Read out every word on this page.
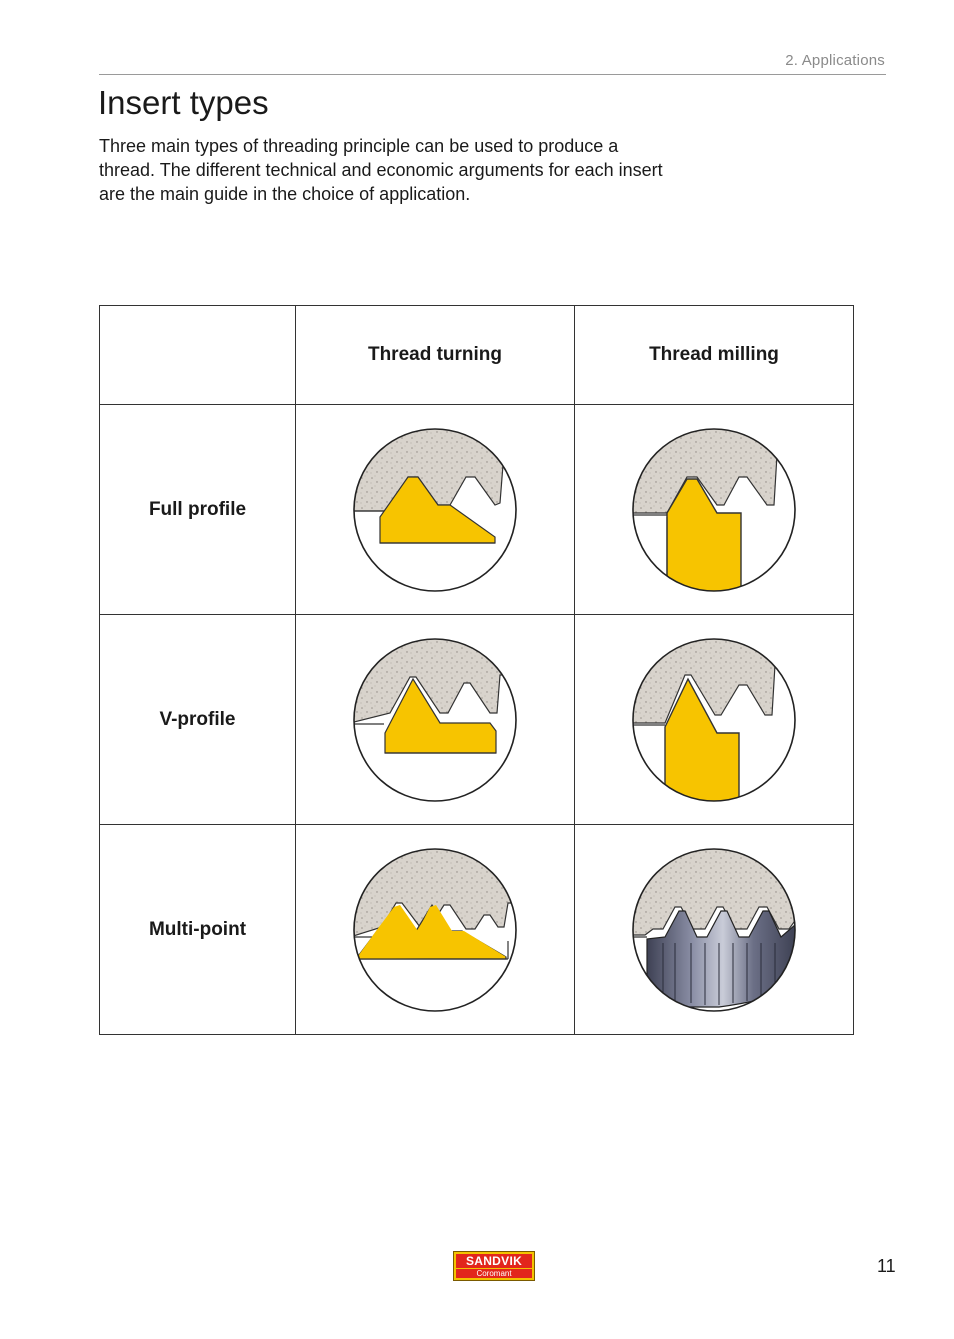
2. Applications
Insert types

Three main types of threading principle can be used to produce a thread. The different technical and economic arguments for each insert are the main guide in the choice of application.

	Thread turning	Thread milling
Full profile	

V-profile	

Multi-point	

SANDVIK
Coromant	11
